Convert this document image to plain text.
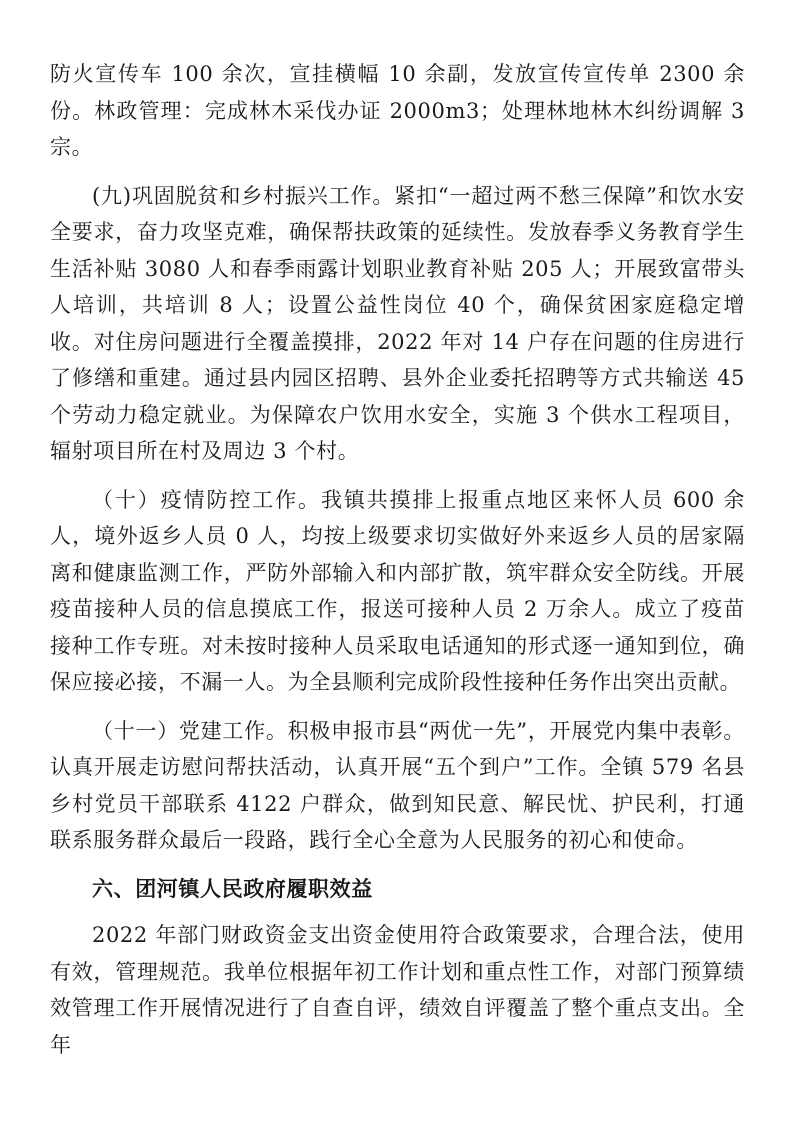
防火宣传车 100 余次，宣挂横幅 10 余副，发放宣传宣传单 2300 余份。林政管理：完成林木采伐办证 2000m3；处理林地林木纠纷调解 3 宗。

(九)巩固脱贫和乡村振兴工作。紧扣“一超过两不愁三保障”和饮水安全要求，奋力攻坚克难，确保帮扶政策的延续性。发放春季义务教育学生生活补贴 3080 人和春季雨露计划职业教育补贴 205 人；开展致富带头人培训，共培训 8 人；设置公益性岗位 40 个，确保贫困家庭稳定增收。对住房问题进行全覆盖摸排，2022 年对 14 户存在问题的住房进行了修缮和重建。通过县内园区招聘、县外企业委托招聘等方式共输送 45 个劳动力稳定就业。为保障农户饮用水安全，实施 3 个供水工程项目，辐射项目所在村及周边 3 个村。

（十）疫情防控工作。我镇共摸排上报重点地区来怀人员 600 余人，境外返乡人员 0 人，均按上级要求切实做好外来返乡人员的居家隔离和健康监测工作，严防外部输入和内部扩散，筑牢群众安全防线。开展疫苗接种人员的信息摸底工作，报送可接种人员 2 万余人。成立了疫苗接种工作专班。对未按时接种人员采取电话通知的形式逐一通知到位，确保应接必接，不漏一人。为全县顺利完成阶段性接种任务作出突出贡献。

（十一）党建工作。积极申报市县“两优一先”，开展党内集中表彰。认真开展走访慰问帮扶活动，认真开展“五个到户”工作。全镇 579 名县乡村党员干部联系 4122 户群众，做到知民意、解民忧、护民利，打通联系服务群众最后一段路，践行全心全意为人民服务的初心和使命。

六、团河镇人民政府履职效益

2022 年部门财政资金支出资金使用符合政策要求，合理合法，使用有效，管理规范。我单位根据年初工作计划和重点性工作，对部门预算绩效管理工作开展情况进行了自查自评，绩效自评覆盖了整个重点支出。全年
